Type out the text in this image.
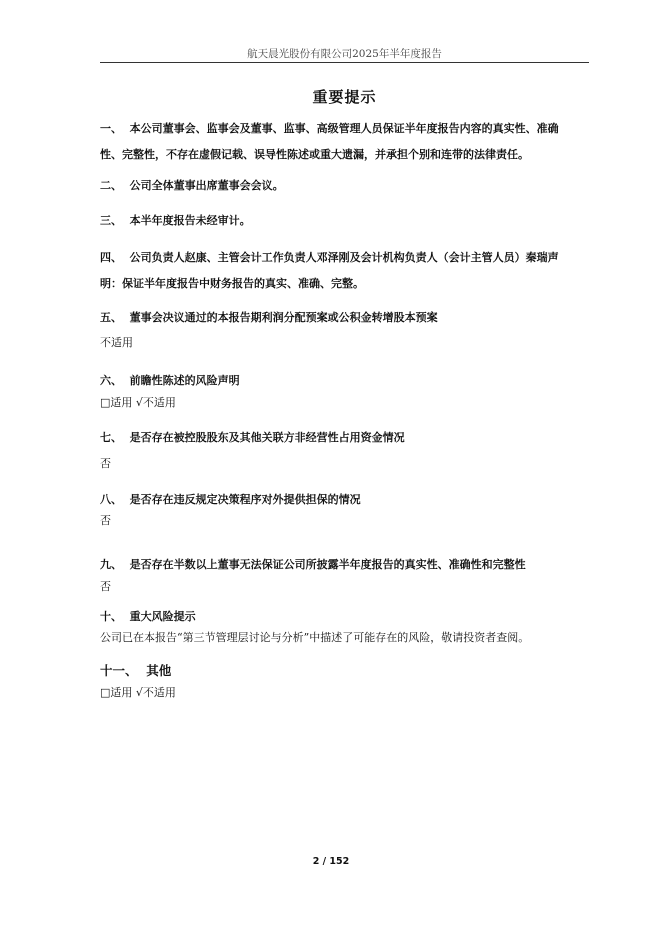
航天晨光股份有限公司2025年半年度报告
重要提示
一、 本公司董事会、监事会及董事、监事、高级管理人员保证半年度报告内容的真实性、准确
性、完整性，不存在虚假记载、误导性陈述或重大遗漏，并承担个别和连带的法律责任。
二、 公司全体董事出席董事会会议。
三、 本半年度报告未经审计。
四、 公司负责人赵康、主管会计工作负责人邓泽刚及会计机构负责人（会计主管人员）秦瑞声
明：保证半年度报告中财务报告的真实、准确、完整。
五、 董事会决议通过的本报告期利润分配预案或公积金转增股本预案
不适用
六、 前瞻性陈述的风险声明
□适用 √不适用
七、 是否存在被控股股东及其他关联方非经营性占用资金情况
否
八、 是否存在违反规定决策程序对外提供担保的情况
否
九、 是否存在半数以上董事无法保证公司所披露半年度报告的真实性、准确性和完整性
否
十、 重大风险提示
公司已在本报告“第三节管理层讨论与分析”中描述了可能存在的风险，敬请投资者查阅。
十一、 其他
□适用 √不适用
2 / 152
